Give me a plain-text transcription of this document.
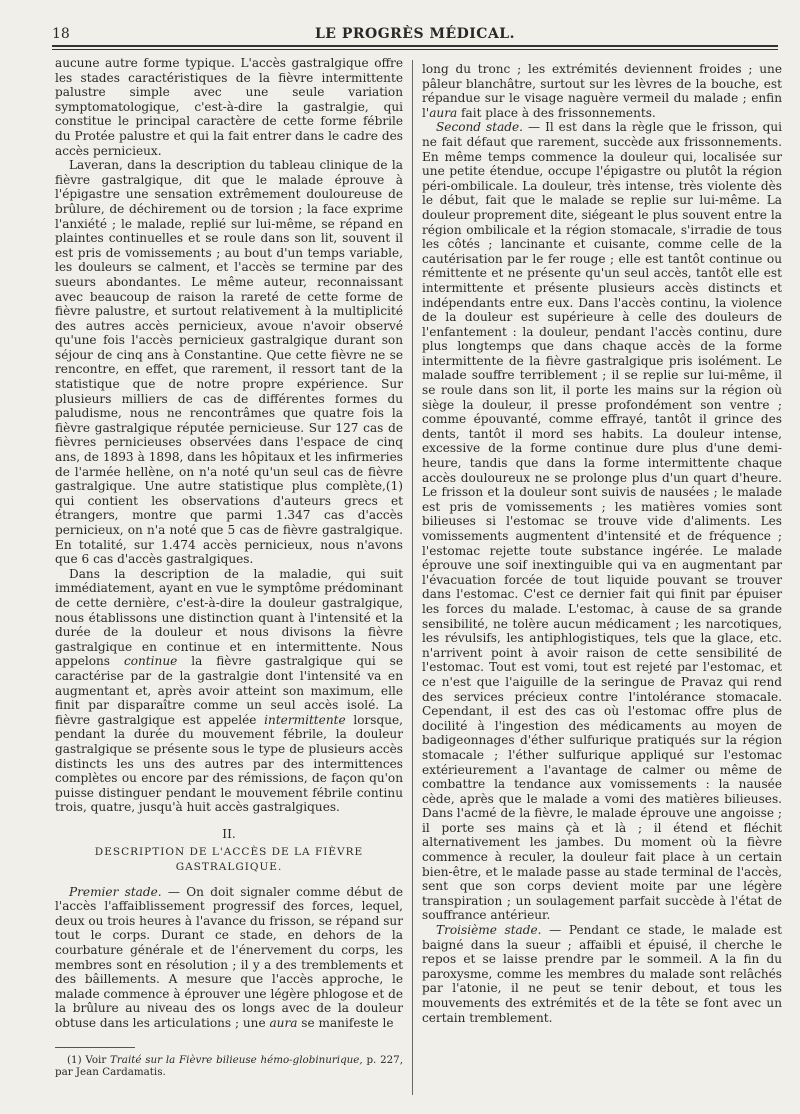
18	LE PROGRÈS MÉDICAL.

aucune autre forme typique. L'accès gastralgique offre les stades caractéristiques de la fièvre intermittente palustre simple avec une seule variation symptomatologique, c'est-à-dire la gastralgie, qui constitue le principal caractère de cette forme fébrile du Protée palustre et qui la fait entrer dans le cadre des accès pernicieux.

Laveran, dans la description du tableau clinique de la fièvre gastralgique, dit que le malade éprouve à l'épigastre une sensation extrêmement douloureuse de brûlure, de déchirement ou de torsion ; la face exprime l'anxiété ; le malade, replié sur lui-même, se répand en plaintes continuelles et se roule dans son lit, souvent il est pris de vomissements ; au bout d'un temps variable, les douleurs se calment, et l'accès se termine par des sueurs abondantes. Le même auteur, reconnaissant avec beaucoup de raison la rareté de cette forme de fièvre palustre, et surtout relativement à la multiplicité des autres accès pernicieux, avoue n'avoir observé qu'une fois l'accès pernicieux gastralgique durant son séjour de cinq ans à Constantine. Que cette fièvre ne se rencontre, en effet, que rarement, il ressort tant de la statistique que de notre propre expérience. Sur plusieurs milliers de cas de différentes formes du paludisme, nous ne rencontrâmes que quatre fois la fièvre gastralgique réputée pernicieuse. Sur 127 cas de fièvres pernicieuses observées dans l'espace de cinq ans, de 1893 à 1898, dans les hôpitaux et les infirmeries de l'armée hellène, on n'a noté qu'un seul cas de fièvre gastralgique. Une autre statistique plus complète,(1) qui contient les observations d'auteurs grecs et étrangers, montre que parmi 1.347 cas d'accès pernicieux, on n'a noté que 5 cas de fièvre gastralgique. En totalité, sur 1.474 accès pernicieux, nous n'avons que 6 cas d'accès gastralgiques.

Dans la description de la maladie, qui suit immédiatement, ayant en vue le symptôme prédominant de cette dernière, c'est-à-dire la douleur gastralgique, nous établissons une distinction quant à l'intensité et la durée de la douleur et nous divisons la fièvre gastralgique en continue et en intermittente. Nous appelons continue la fièvre gastralgique qui se caractérise par de la gastralgie dont l'intensité va en augmentant et, après avoir atteint son maximum, elle finit par disparaître comme un seul accès isolé. La fièvre gastralgique est appelée intermittente lorsque, pendant la durée du mouvement fébrile, la douleur gastralgique se présente sous le type de plusieurs accès distincts les uns des autres par des intermittences complètes ou encore par des rémissions, de façon qu'on puisse distinguer pendant le mouvement fébrile continu trois, quatre, jusqu'à huit accès gastralgiques.

II.

DESCRIPTION DE L'ACCÈS DE LA FIÈVRE GASTRALGIQUE.

Premier stade. — On doit signaler comme début de l'accès l'affaiblissement progressif des forces, lequel, deux ou trois heures à l'avance du frisson, se répand sur tout le corps. Durant ce stade, en dehors de la courbature générale et de l'énervement du corps, les membres sont en résolution ; il y a des tremblements et des bâillements. A mesure que l'accès approche, le malade commence à éprouver une légère phlogose et de la brûlure au niveau des os longs avec de la douleur obtuse dans les articulations ; une aura se manifeste le

(1) Voir Traité sur la Fièvre bilieuse hémo-globinurique, p. 227, par Jean Cardamatis.

long du tronc ; les extrémités deviennent froides ; une pâleur blanchâtre, surtout sur les lèvres de la bouche, est répandue sur le visage naguère vermeil du malade ; enfin l'aura fait place à des frissonnements.

Second stade. — Il est dans la règle que le frisson, qui ne fait défaut que rarement, succède aux frissonnements. En même temps commence la douleur qui, localisée sur une petite étendue, occupe l'épigastre ou plutôt la région péri-ombilicale. La douleur, très intense, très violente dès le début, fait que le malade se replie sur lui-même. La douleur proprement dite, siégeant le plus souvent entre la région ombilicale et la région stomacale, s'irradie de tous les côtés ; lancinante et cuisante, comme celle de la cautérisation par le fer rouge ; elle est tantôt continue ou rémittente et ne présente qu'un seul accès, tantôt elle est intermittente et présente plusieurs accès distincts et indépendants entre eux. Dans l'accès continu, la violence de la douleur est supérieure à celle des douleurs de l'enfantement : la douleur, pendant l'accès continu, dure plus longtemps que dans chaque accès de la forme intermittente de la fièvre gastralgique pris isolément. Le malade souffre terriblement ; il se replie sur lui-même, il se roule dans son lit, il porte les mains sur la région où siège la douleur, il presse profondément son ventre ; comme épouvanté, comme effrayé, tantôt il grince des dents, tantôt il mord ses habits. La douleur intense, excessive de la forme continue dure plus d'une demi-heure, tandis que dans la forme intermittente chaque accès douloureux ne se prolonge plus d'un quart d'heure. Le frisson et la douleur sont suivis de nausées ; le malade est pris de vomissements ; les matières vomies sont bilieuses si l'estomac se trouve vide d'aliments. Les vomissements augmentent d'intensité et de fréquence ; l'estomac rejette toute substance ingérée. Le malade éprouve une soif inextinguible qui va en augmentant par l'évacuation forcée de tout liquide pouvant se trouver dans l'estomac. C'est ce dernier fait qui finit par épuiser les forces du malade. L'estomac, à cause de sa grande sensibilité, ne tolère aucun médicament ; les narcotiques, les révulsifs, les antiphlogistiques, tels que la glace, etc. n'arrivent point à avoir raison de cette sensibilité de l'estomac. Tout est vomi, tout est rejeté par l'estomac, et ce n'est que l'aiguille de la seringue de Pravaz qui rend des services précieux contre l'intolérance stomacale. Cependant, il est des cas où l'estomac offre plus de docilité à l'ingestion des médicaments au moyen de badigeonnages d'éther sulfurique pratiqués sur la région stomacale ; l'éther sulfurique appliqué sur l'estomac extérieurement a l'avantage de calmer ou même de combattre la tendance aux vomissements : la nausée cède, après que le malade a vomi des matières bilieuses. Dans l'acmé de la fièvre, le malade éprouve une angoisse ; il porte ses mains çà et là ; il étend et fléchit alternativement les jambes. Du moment où la fièvre commence à reculer, la douleur fait place à un certain bien-être, et le malade passe au stade terminal de l'accès, sent que son corps devient moite par une légère transpiration ; un soulagement parfait succède à l'état de souffrance antérieur.

Troisième stade. — Pendant ce stade, le malade est baigné dans la sueur ; affaibli et épuisé, il cherche le repos et se laisse prendre par le sommeil. A la fin du paroxysme, comme les membres du malade sont relâchés par l'atonie, il ne peut se tenir debout, et tous les mouvements des extrémités et de la tête se font avec un certain tremblement.
